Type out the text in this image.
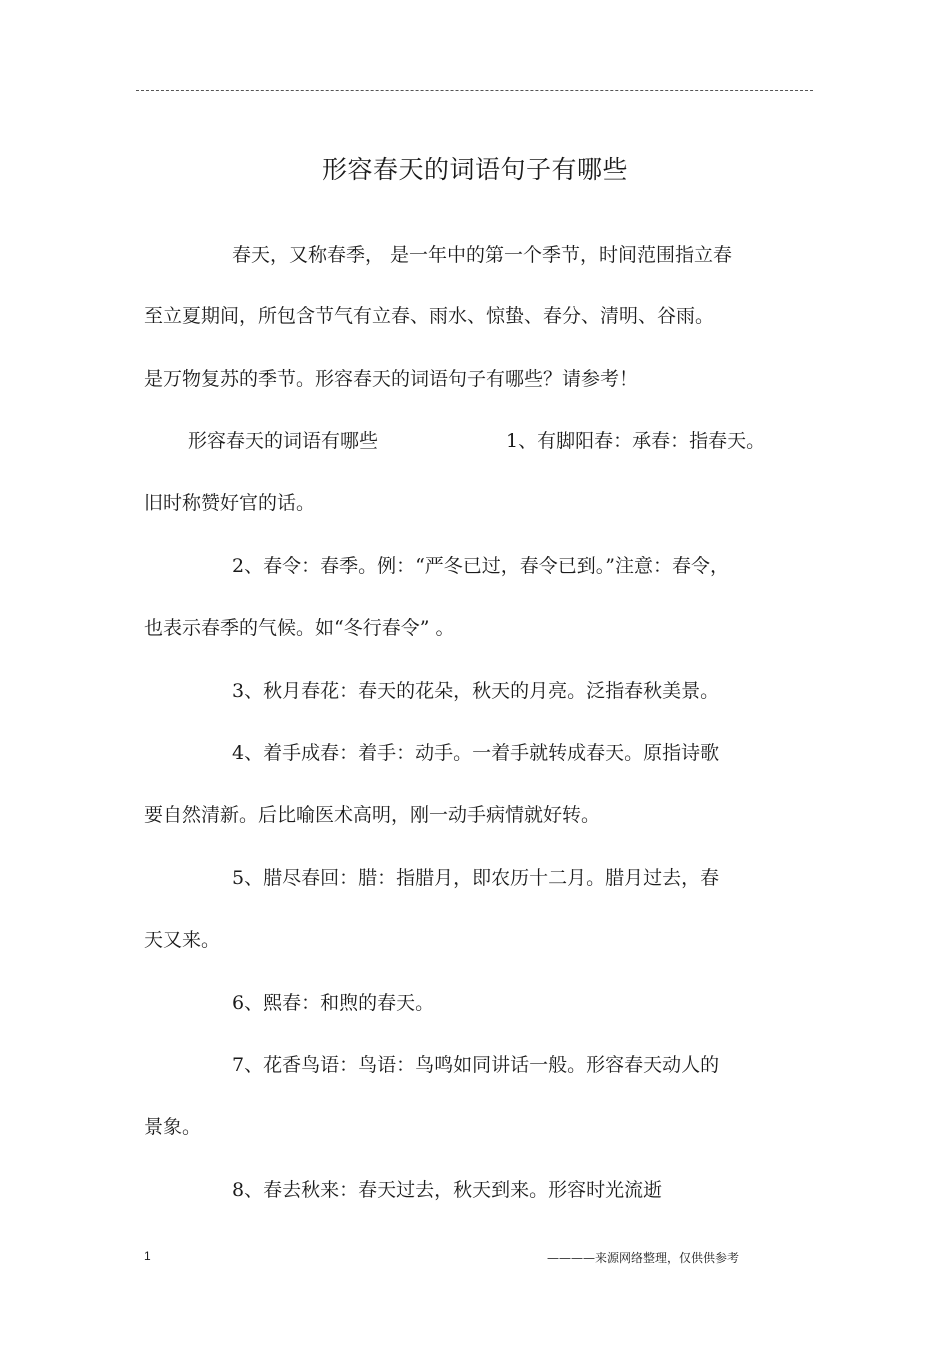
形容春天的词语句子有哪些
春天，又称春季， 是一年中的第一个季节，时间范围指立春
至立夏期间，所包含节气有立春、雨水、惊蛰、春分、清明、谷雨。
是万物复苏的季节。形容春天的词语句子有哪些？请参考！
形容春天的词语有哪些	1、有脚阳春：承春：指春天。
旧时称赞好官的话。
2、春令：春季。例：“严冬已过，春令已到。”注意：春令，
也表示春季的气候。如“冬行春令” 。
3、秋月春花：春天的花朵，秋天的月亮。泛指春秋美景。
4、着手成春：着手：动手。一着手就转成春天。原指诗歌
要自然清新。后比喻医术高明，刚一动手病情就好转。
5、腊尽春回：腊：指腊月，即农历十二月。腊月过去，春
天又来。
6、熙春：和煦的春天。
7、花香鸟语：鸟语：鸟鸣如同讲话一般。形容春天动人的
景象。
8、春去秋来：春天过去，秋天到来。形容时光流逝
1	————来源网络整理，仅供供参考
